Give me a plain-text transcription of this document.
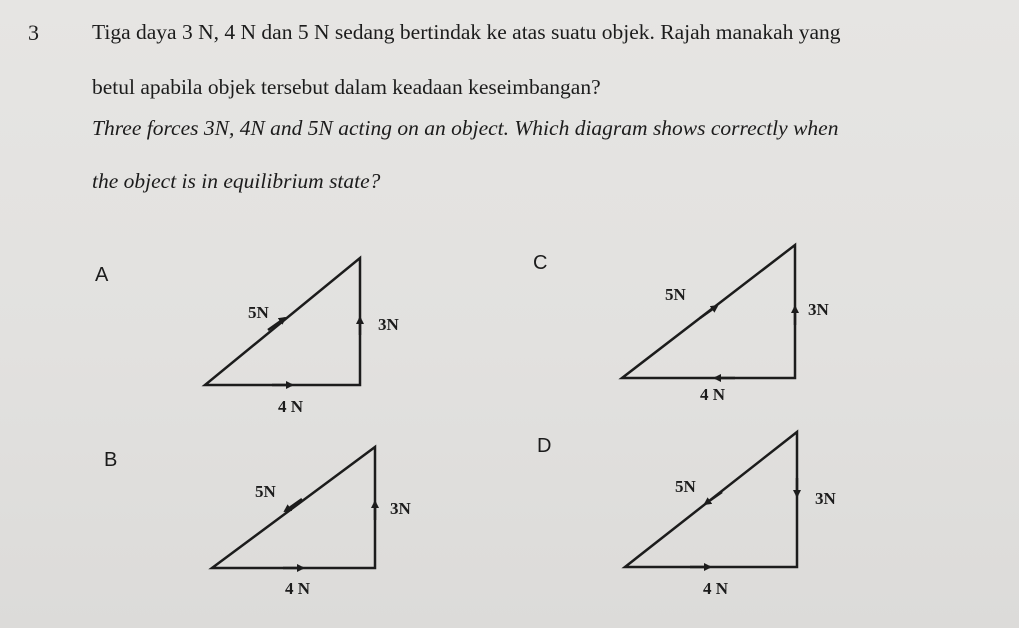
3 Tiga daya 3 N, 4 N dan 5 N sedang bertindak ke atas suatu objek. Rajah manakah yang
betul apabila objek tersebut dalam keadaan keseimbangan?
Three forces 3N, 4N and 5N acting on an object. Which diagram shows correctly when
the object is in equilibrium state?
A
C
B
D
5N
3N
4 N
5N
3N
4 N
5N
3N
4 N
5N
3N
4 N
